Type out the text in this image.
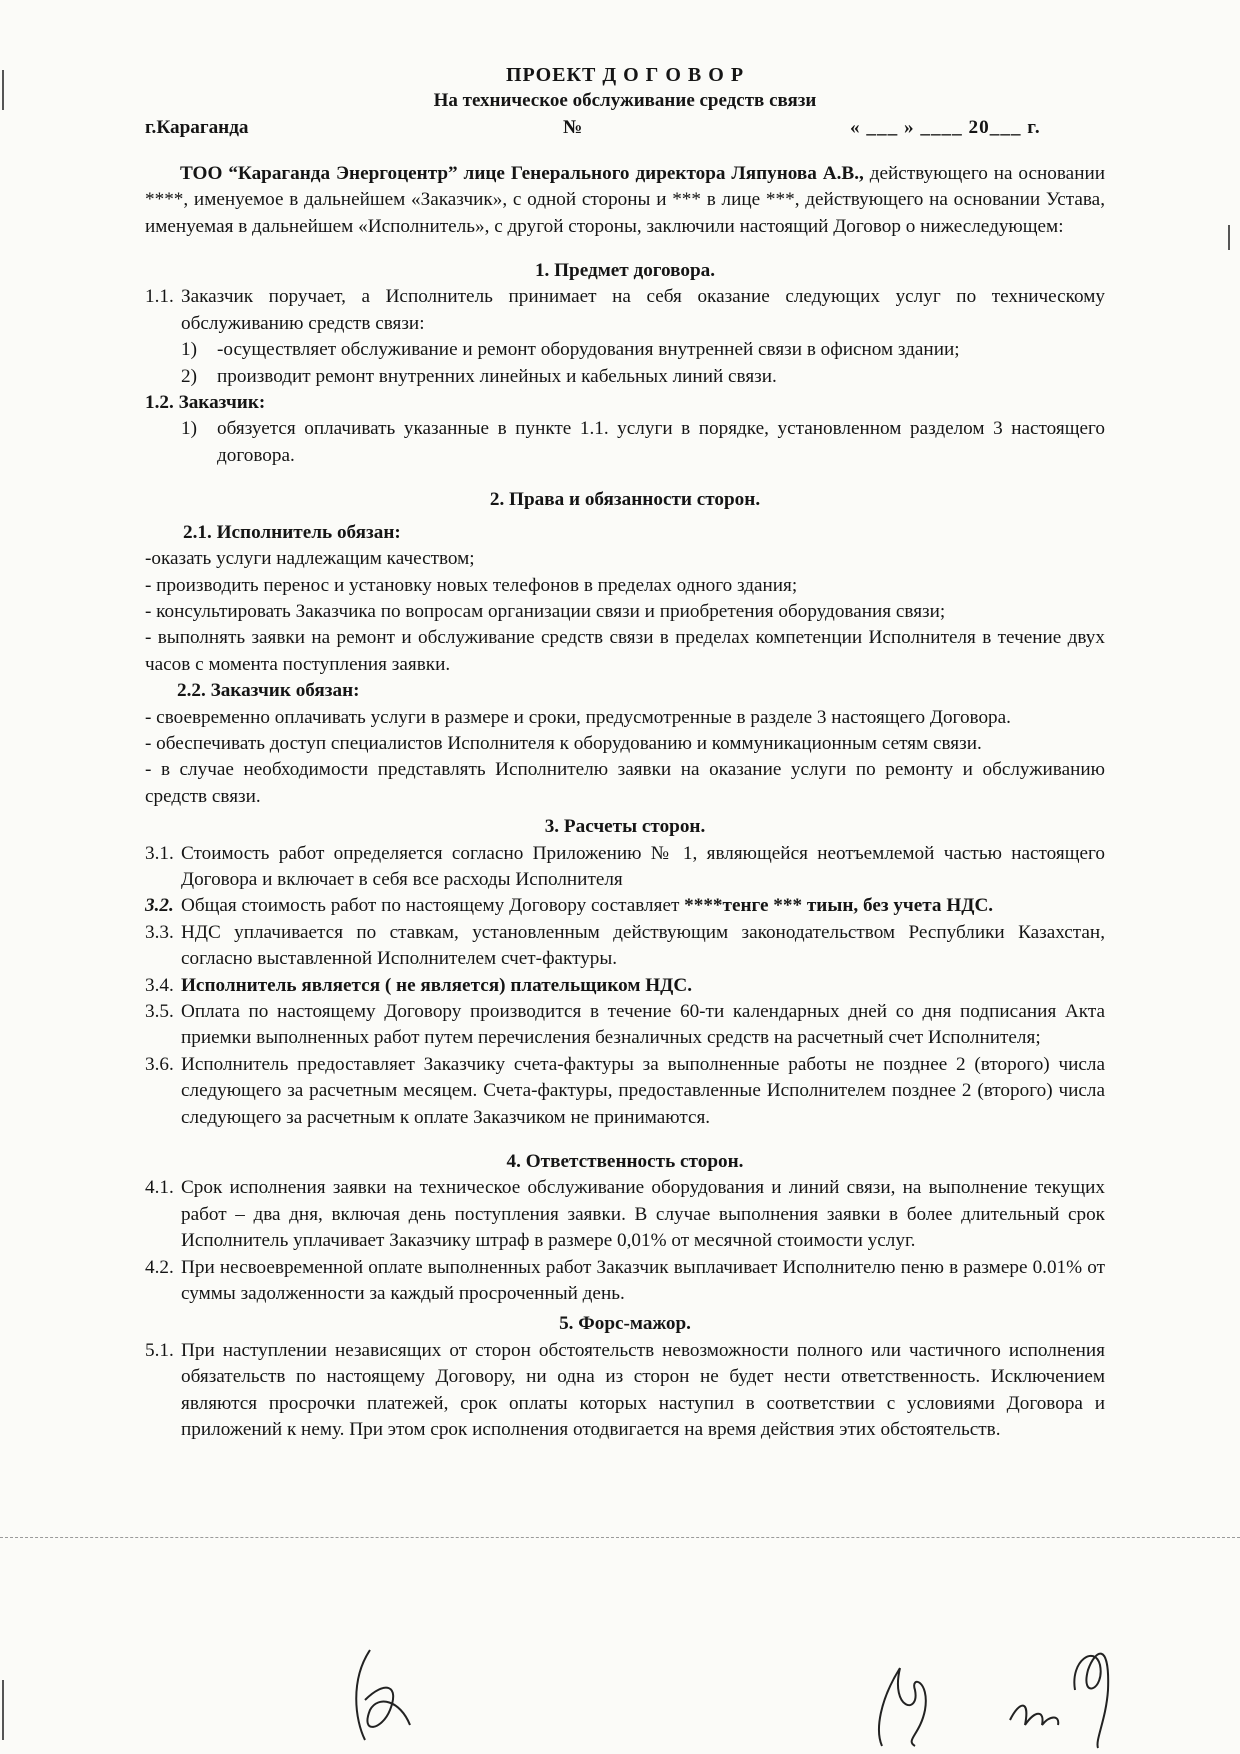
ПРОЕКТ Д О Г О В О Р
На техническое обслуживание средств связи
г.Караганда	№	« ___ » ____ 20___ г.

ТОО “Караганда Энергоцентр” лице Генерального директора Ляпунова А.В., действующего на основании ****, именуемое в дальнейшем «Заказчик», с одной стороны и *** в лице ***, действующего на основании Устава, именуемая в дальнейшем «Исполнитель», с другой стороны, заключили настоящий Договор о нижеследующем:

1. Предмет договора.
1.1. Заказчик поручает, а Исполнитель принимает на себя оказание следующих услуг по техническому обслуживанию средств связи:
1)	-осуществляет обслуживание и ремонт оборудования внутренней связи в офисном здании;
2)	производит ремонт внутренних линейных и кабельных линий связи.
1.2. Заказчик:
1)	обязуется оплачивать указанные в пункте 1.1. услуги в порядке, установленном разделом 3 настоящего договора.
2. Права и обязанности сторон.
2.1. Исполнитель обязан:

-оказать услуги надлежащим качеством;

- производить перенос и установку новых телефонов в пределах одного здания;

- консультировать Заказчика по вопросам организации связи и приобретения оборудования связи;

- выполнять заявки на ремонт и обслуживание средств связи в пределах компетенции Исполнителя в течение двух часов с момента поступления заявки.

2.2. Заказчик обязан:

- своевременно оплачивать услуги в размере и сроки, предусмотренные в разделе 3 настоящего Договора.

- обеспечивать доступ специалистов Исполнителя к оборудованию и коммуникационным сетям связи.

- в случае необходимости представлять Исполнителю заявки на оказание услуги по ремонту и обслуживанию средств связи.

3. Расчеты сторон.
3.1. Стоимость работ определяется согласно Приложению № 1, являющейся неотъемлемой частью настоящего Договора и включает в себя все расходы Исполнителя
3.2. Общая стоимость работ по настоящему Договору составляет ****тенге *** тиын, без учета НДС.
3.3. НДС уплачивается по ставкам, установленным действующим законодательством Республики Казахстан, согласно выставленной Исполнителем счет-фактуры.
3.4. Исполнитель является ( не является) плательщиком НДС.
3.5. Оплата по настоящему Договору производится в течение 60-ти календарных дней со дня подписания Акта приемки выполненных работ путем перечисления безналичных средств на расчетный счет Исполнителя;
3.6. Исполнитель предоставляет Заказчику счета-фактуры за выполненные работы не позднее 2 (второго) числа следующего за расчетным месяцем. Счета-фактуры, предоставленные Исполнителем позднее 2 (второго) числа следующего за расчетным к оплате Заказчиком не принимаются.
4. Ответственность сторон.
4.1. Срок исполнения заявки на техническое обслуживание оборудования и линий связи, на выполнение текущих работ – два дня, включая день поступления заявки. В случае выполнения заявки в более длительный срок Исполнитель уплачивает Заказчику штраф в размере 0,01% от месячной стоимости услуг.
4.2. При несвоевременной оплате выполненных работ Заказчик выплачивает Исполнителю пеню в размере 0.01% от суммы задолженности за каждый просроченный день.
5. Форс-мажор.
5.1. При наступлении независящих от сторон обстоятельств невозможности полного или частичного исполнения обязательств по настоящему Договору, ни одна из сторон не будет нести ответственность. Исключением являются просрочки платежей, срок оплаты которых наступил в соответствии с условиями Договора и приложений к нему. При этом срок исполнения отодвигается на время действия этих обстоятельств.
